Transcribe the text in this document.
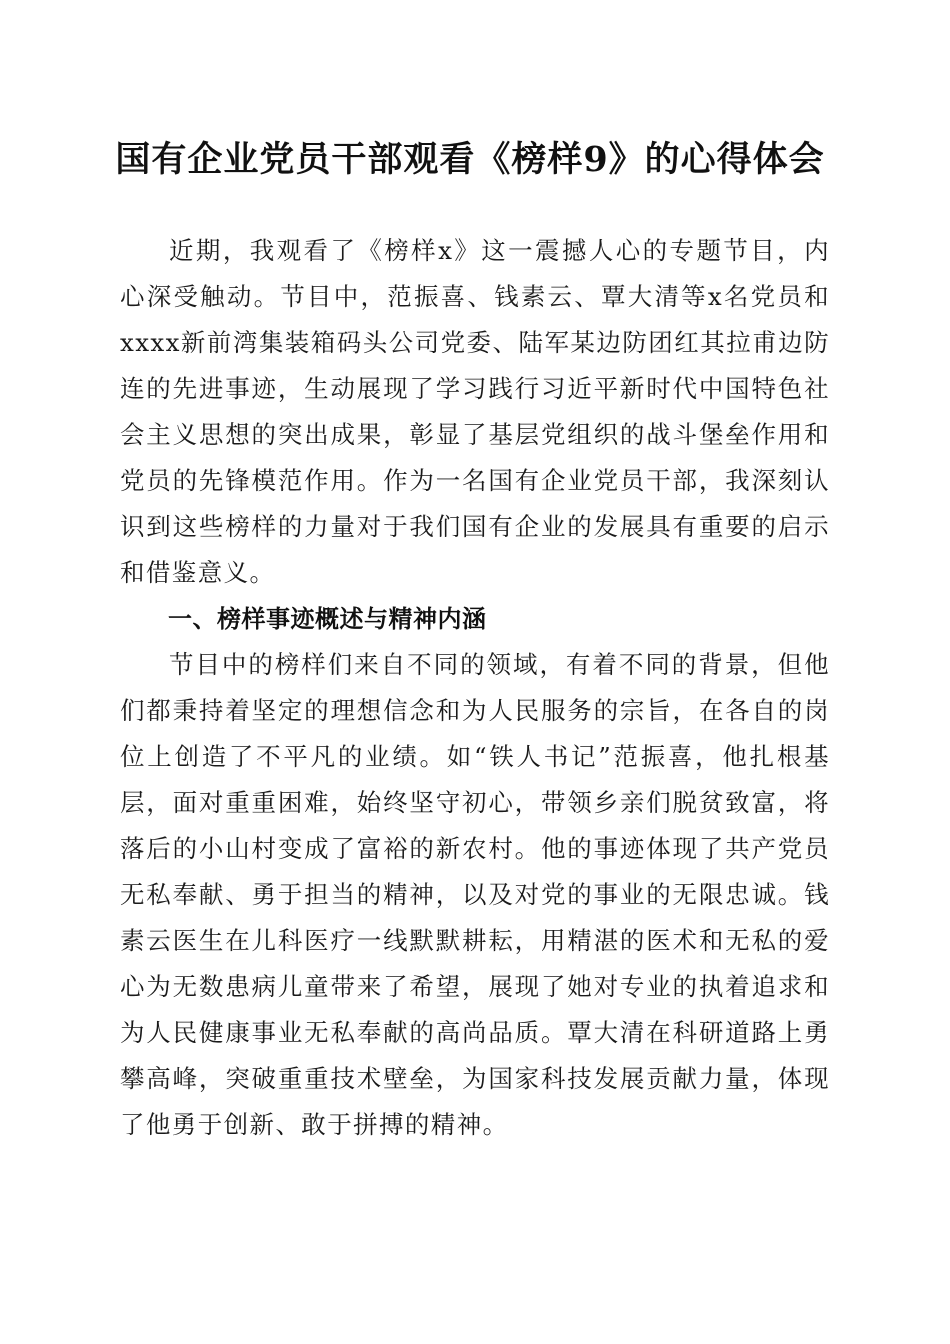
国有企业党员干部观看《榜样9》的心得体会

近期，我观看了《榜样x》这一震撼人心的专题节目，内心深受触动。节目中，范振喜、钱素云、覃大清等x名党员和xxxx新前湾集装箱码头公司党委、陆军某边防团红其拉甫边防连的先进事迹，生动展现了学习践行习近平新时代中国特色社会主义思想的突出成果，彰显了基层党组织的战斗堡垒作用和党员的先锋模范作用。作为一名国有企业党员干部，我深刻认识到这些榜样的力量对于我们国有企业的发展具有重要的启示和借鉴意义。

一、榜样事迹概述与精神内涵

节目中的榜样们来自不同的领域，有着不同的背景，但他们都秉持着坚定的理想信念和为人民服务的宗旨，在各自的岗位上创造了不平凡的业绩。如“铁人书记”范振喜，他扎根基层，面对重重困难，始终坚守初心，带领乡亲们脱贫致富，将落后的小山村变成了富裕的新农村。他的事迹体现了共产党员无私奉献、勇于担当的精神，以及对党的事业的无限忠诚。钱素云医生在儿科医疗一线默默耕耘，用精湛的医术和无私的爱心为无数患病儿童带来了希望，展现了她对专业的执着追求和为人民健康事业无私奉献的高尚品质。覃大清在科研道路上勇攀高峰，突破重重技术壁垒，为国家科技发展贡献力量，体现了他勇于创新、敢于拼搏的精神。
